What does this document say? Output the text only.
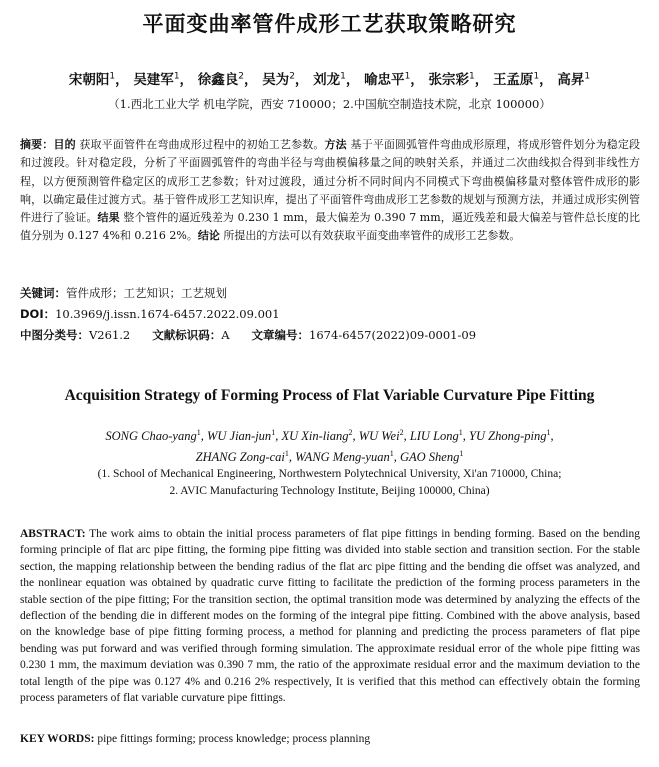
平面变曲率管件成形工艺获取策略研究
宋朝阳$^1$， 吴建军$^1$， 徐鑫良$^2$， 吴为$^2$， 刘龙$^1$， 喻忠平$^1$， 张宗彩$^1$， 王孟原$^1$， 高昇$^1$
（1.西北工业大学 机电学院，西安 710000；2.中国航空制造技术院，北京 100000）
摘要：目的 获取平面管件在弯曲成形过程中的初始工艺参数。方法 基于平面圆弧管件弯曲成形原理，将成形管件划分为稳定段和过渡段。针对稳定段，分析了平面圆弧管件的弯曲半径与弯曲模偏移量之间的映射关系，并通过二次曲线拟合得到非线性方程，以方便预测管件稳定区的成形工艺参数；针对过渡段，通过分析不同时间内不同模式下弯曲模偏移量对整体管件成形的影响，以确定最佳过渡方式。基于管件成形工艺知识库，提出了平面管件弯曲成形工艺参数的规划与预测方法，并通过成形实例管件进行了验证。结果 整个管件的逼近残差为 0.230 1 mm，最大偏差为 0.390 7 mm，逼近残差和最大偏差与管件总长度的比值分别为 0.127 4%和 0.216 2%。结论 所提出的方法可以有效获取平面变曲率管件的成形工艺参数。
关键词：管件成形；工艺知识；工艺规划
DOI：10.3969/j.issn.1674-6457.2022.09.001
中图分类号：V261.2 文献标识码：A 文章编号：1674-6457(2022)09-0001-09
Acquisition Strategy of Forming Process of Flat Variable Curvature Pipe Fitting
SONG Chao-yang$^1$, WU Jian-jun$^1$, XU Xin-liang$^2$, WU Wei$^2$, LIU Long$^1$, YU Zhong-ping$^1$,
ZHANG Zong-cai$^1$, WANG Meng-yuan$^1$, GAO Sheng$^1$
(1. School of Mechanical Engineering, Northwestern Polytechnical University, Xi'an 710000, China;
2. AVIC Manufacturing Technology Institute, Beijing 100000, China)
ABSTRACT: The work aims to obtain the initial process parameters of flat pipe fittings in bending forming. Based on the bending forming principle of flat arc pipe fitting, the forming pipe fitting was divided into stable section and transition section. For the stable section, the mapping relationship between the bending radius of the flat arc pipe fitting and the bending die offset was analyzed, and the nonlinear equation was obtained by quadratic curve fitting to facilitate the prediction of the forming process parameters in the stable section of the pipe fitting; For the transition section, the optimal transition mode was determined by analyzing the effects of the deflection of the bending die in different modes on the forming of the integral pipe fitting. Combined with the above analysis, based on the knowledge base of pipe fitting forming process, a method for planning and predicting the process parameters of flat pipe bending was put forward and was verified through forming simulation. The approximate residual error of the whole pipe fitting was 0.230 1 mm, the maximum deviation was 0.390 7 mm, the ratio of the approximate residual error and the maximum deviation to the total length of the pipe was 0.127 4% and 0.216 2% respectively, It is verified that this method can effectively obtain the forming process parameters of flat variable curvature pipe fittings.
KEY WORDS: pipe fittings forming; process knowledge; process planning
